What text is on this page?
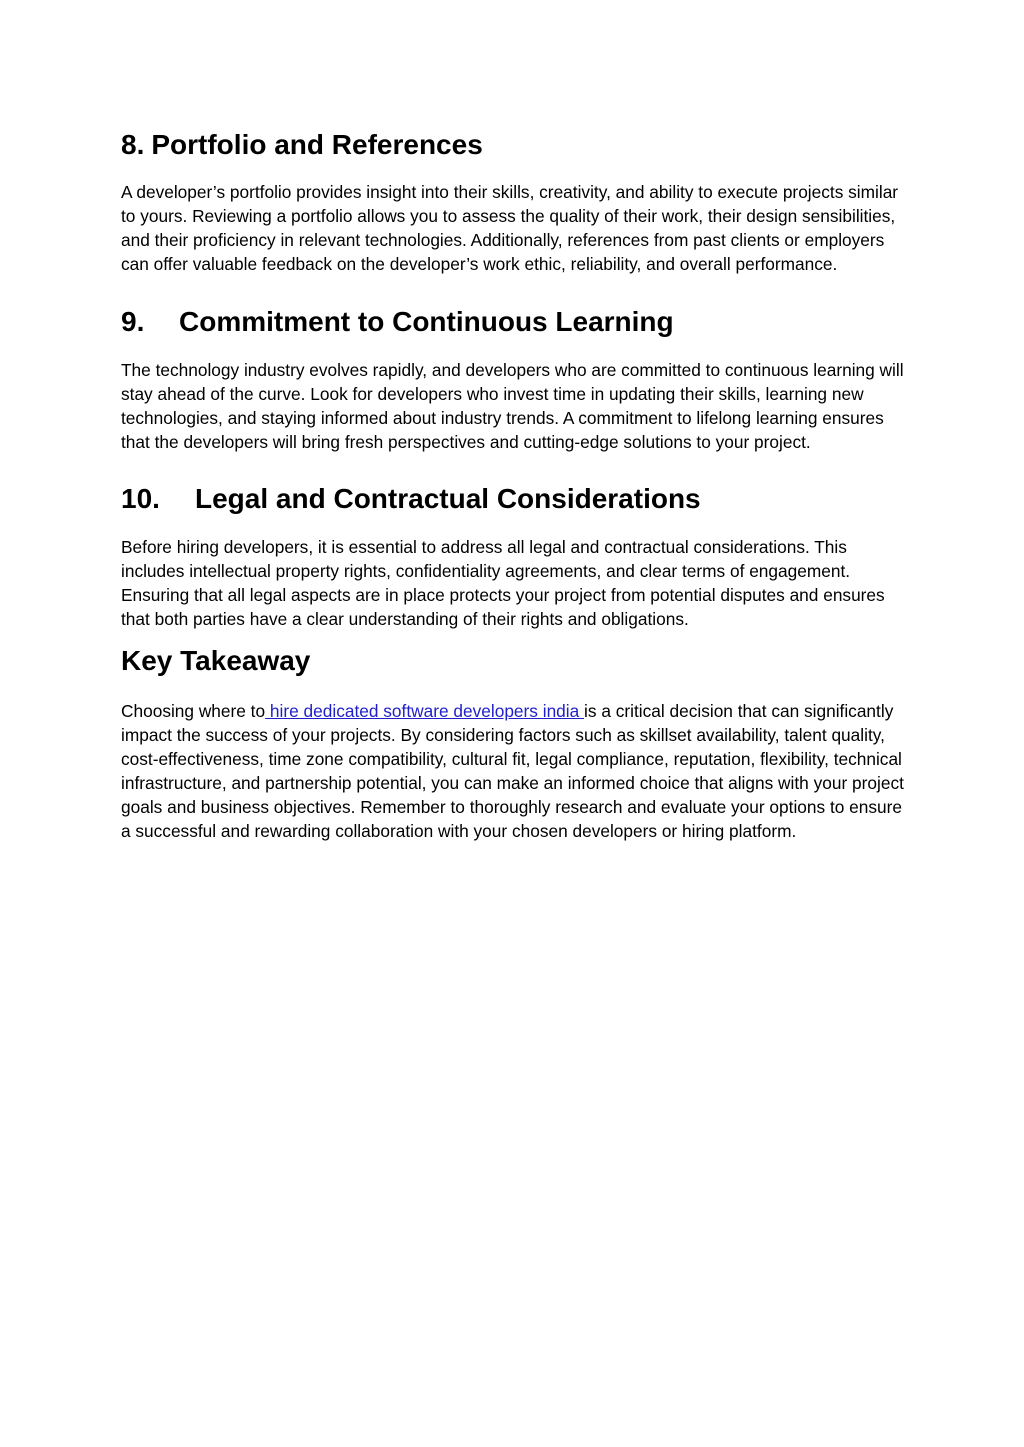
8. Portfolio and References

A developer’s portfolio provides insight into their skills, creativity, and ability to execute projects similar to yours. Reviewing a portfolio allows you to assess the quality of their work, their design sensibilities, and their proficiency in relevant technologies. Additionally, references from past clients or employers can offer valuable feedback on the developer’s work ethic, reliability, and overall performance.

9. Commitment to Continuous Learning

The technology industry evolves rapidly, and developers who are committed to continuous learning will stay ahead of the curve. Look for developers who invest time in updating their skills, learning new technologies, and staying informed about industry trends. A commitment to lifelong learning ensures that the developers will bring fresh perspectives and cutting-edge solutions to your project.

10. Legal and Contractual Considerations

Before hiring developers, it is essential to address all legal and contractual considerations. This includes intellectual property rights, confidentiality agreements, and clear terms of engagement. Ensuring that all legal aspects are in place protects your project from potential disputes and ensures that both parties have a clear understanding of their rights and obligations.

Key Takeaway

Choosing where to hire dedicated software developers india is a critical decision that can significantly impact the success of your projects. By considering factors such as skillset availability, talent quality, cost-effectiveness, time zone compatibility, cultural fit, legal compliance, reputation, flexibility, technical infrastructure, and partnership potential, you can make an informed choice that aligns with your project goals and business objectives. Remember to thoroughly research and evaluate your options to ensure a successful and rewarding collaboration with your chosen developers or hiring platform.
